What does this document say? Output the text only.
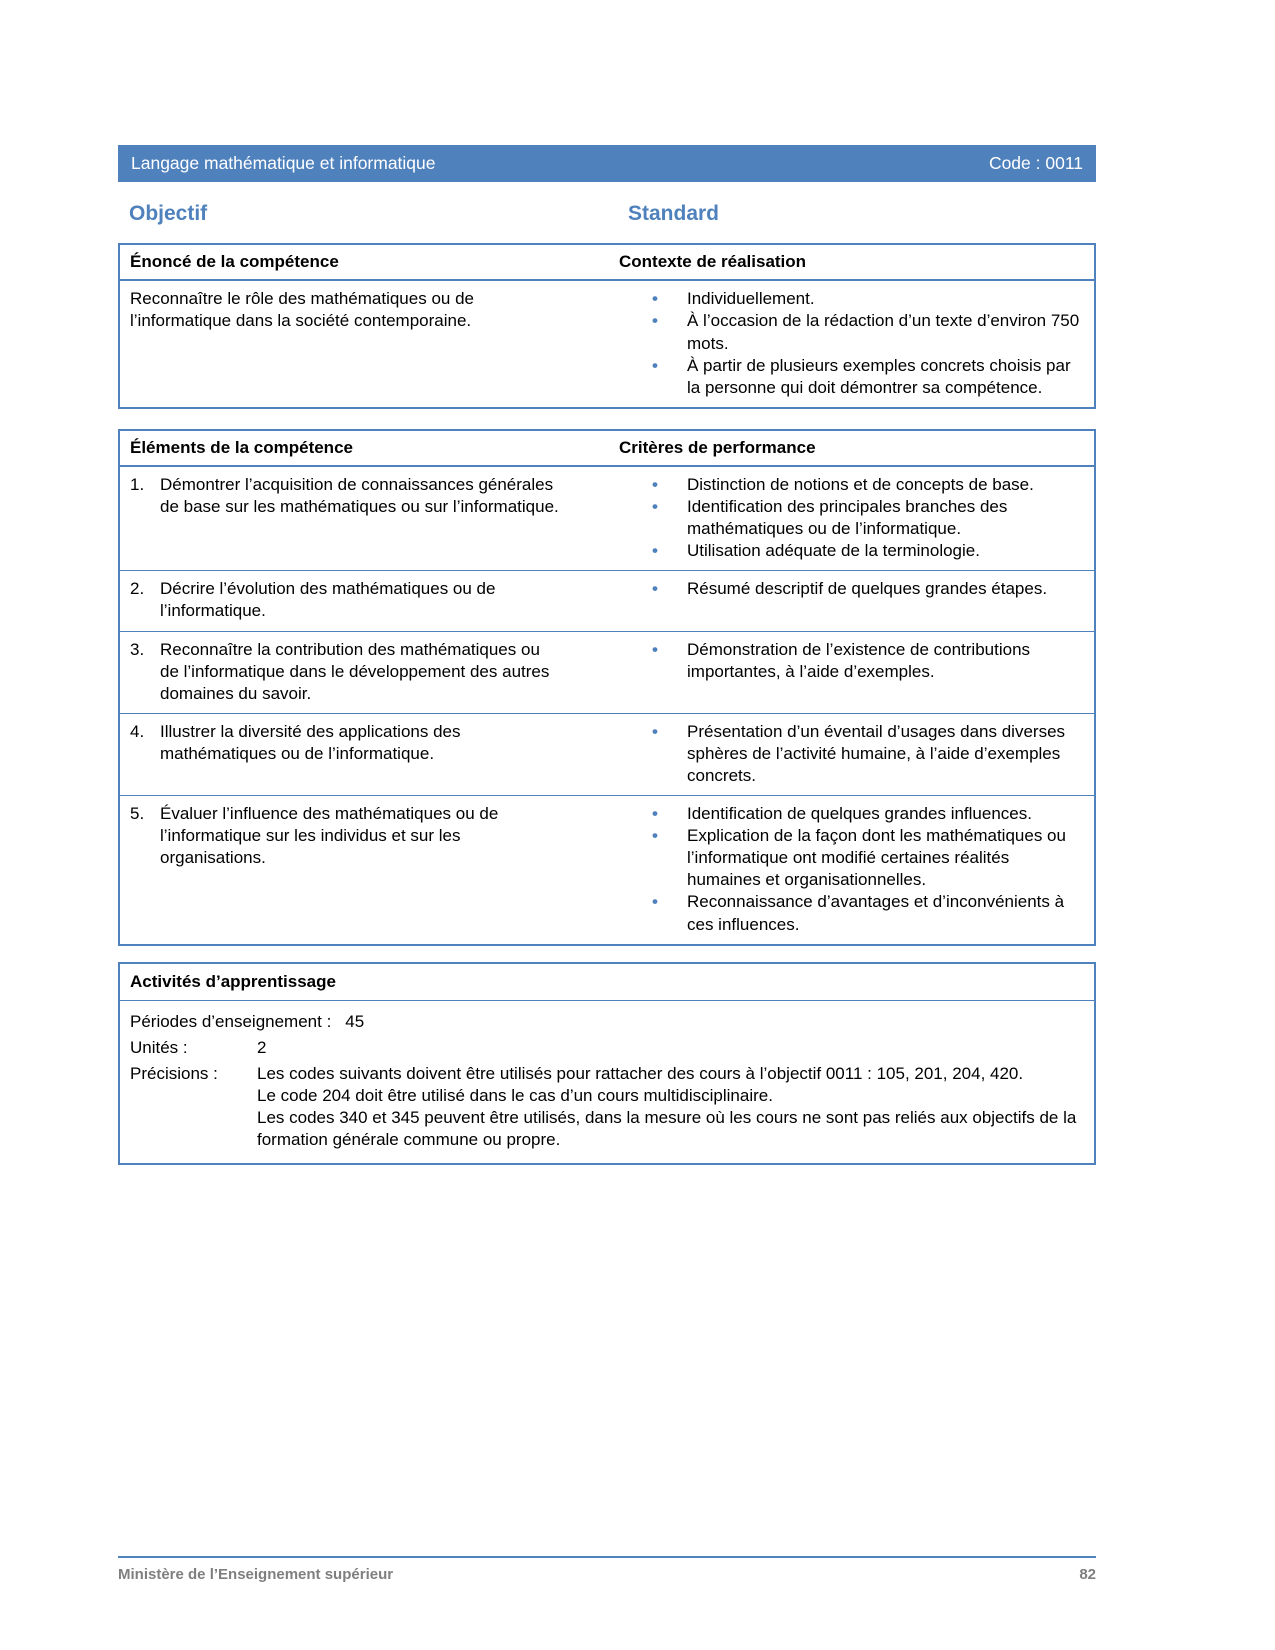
Langage mathématique et informatique	Code : 0011
Objectif	Standard
Énoncé de la compétence	Contexte de réalisation

Reconnaître le rôle des mathématiques ou de l’informatique dans la société contemporaine.

• Individuellement.
• À l’occasion de la rédaction d’un texte d’environ 750 mots.
• À partir de plusieurs exemples concrets choisis par la personne qui doit démontrer sa compétence.
Éléments de la compétence	Critères de performance
1. Démontrer l’acquisition de connaissances générales de base sur les mathématiques ou sur l’informatique.
• Distinction de notions et de concepts de base.
• Identification des principales branches des mathématiques ou de l’informatique.
• Utilisation adéquate de la terminologie.
2. Décrire l’évolution des mathématiques ou de l’informatique.
• Résumé descriptif de quelques grandes étapes.
3. Reconnaître la contribution des mathématiques ou de l’informatique dans le développement des autres domaines du savoir.
• Démonstration de l’existence de contributions importantes, à l’aide d’exemples.
4. Illustrer la diversité des applications des mathématiques ou de l’informatique.
• Présentation d’un éventail d’usages dans diverses sphères de l’activité humaine, à l’aide d’exemples concrets.
5. Évaluer l’influence des mathématiques ou de l’informatique sur les individus et sur les organisations.
• Identification de quelques grandes influences.
• Explication de la façon dont les mathématiques ou l’informatique ont modifié certaines réalités humaines et organisationnelles.
• Reconnaissance d’avantages et d’inconvénients à ces influences.
Activités d’apprentissage
Périodes d’enseignement : 45
Unités :	2
Précisions :	Les codes suivants doivent être utilisés pour rattacher des cours à l’objectif 0011 : 105, 201, 204, 420.

Le code 204 doit être utilisé dans le cas d’un cours multidisciplinaire.

Les codes 340 et 345 peuvent être utilisés, dans la mesure où les cours ne sont pas reliés aux objectifs de la formation générale commune ou propre.

Ministère de l’Enseignement supérieur	82
